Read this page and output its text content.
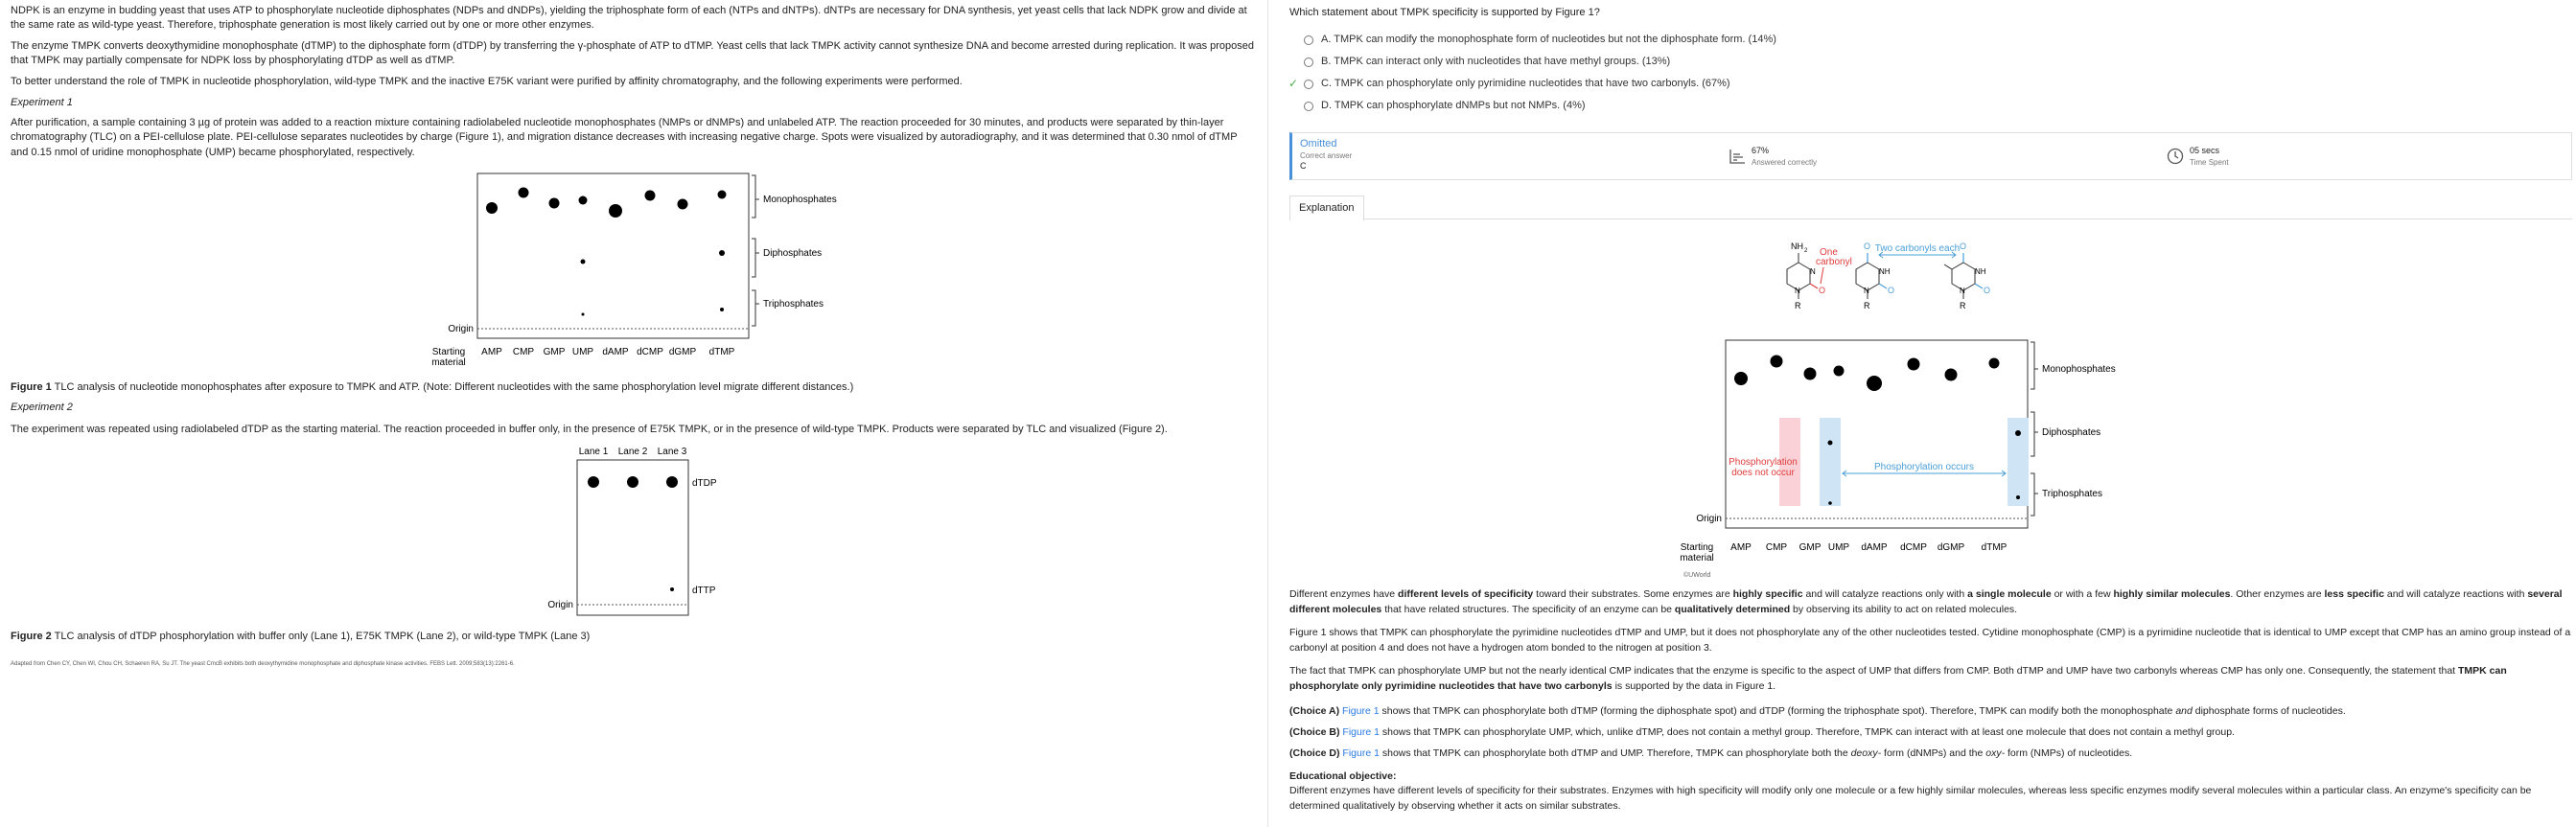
NDPK is an enzyme in budding yeast that uses ATP to phosphorylate nucleotide diphosphates (NDPs and dNDPs), yielding the triphosphate form of each (NTPs and dNTPs). dNTPs are necessary for DNA synthesis, yet yeast cells that lack NDPK grow and divide at the same rate as wild-type yeast. Therefore, triphosphate generation is most likely carried out by one or more other enzymes.

The enzyme TMPK converts deoxythymidine monophosphate (dTMP) to the diphosphate form (dTDP) by transferring the γ-phosphate of ATP to dTMP. Yeast cells that lack TMPK activity cannot synthesize DNA and become arrested during replication. It was proposed that TMPK may partially compensate for NDPK loss by phosphorylating dTDP as well as dTMP.

To better understand the role of TMPK in nucleotide phosphorylation, wild-type TMPK and the inactive E75K variant were purified by affinity chromatography, and the following experiments were performed.

Experiment 1

After purification, a sample containing 3 µg of protein was added to a reaction mixture containing radiolabeled nucleotide monophosphates (NMPs or dNMPs) and unlabeled ATP. The reaction proceeded for 30 minutes, and products were separated by thin-layer chromatography (TLC) on a PEI-cellulose plate. PEI-cellulose separates nucleotides by charge (Figure 1), and migration distance decreases with increasing negative charge. Spots were visualized by autoradiography, and it was determined that 0.30 nmol of dTMP and 0.15 nmol of uridine monophosphate (UMP) became phosphorylated, respectively.

Monophosphates
Diphosphates
Triphosphates
Origin
Starting
material
AMP CMP GMP UMP dAMP dCMP dGMP dTMP

Figure 1 TLC analysis of nucleotide monophosphates after exposure to TMPK and ATP. (Note: Different nucleotides with the same phosphorylation level migrate different distances.)

Experiment 2

The experiment was repeated using radiolabeled dTDP as the starting material. The reaction proceeded in buffer only, in the presence of E75K TMPK, or in the presence of wild-type TMPK. Products were separated by TLC and visualized (Figure 2).

Lane 1 Lane 2 Lane 3
dTDP
dTTP
Origin

Figure 2 TLC analysis of dTDP phosphorylation with buffer only (Lane 1), E75K TMPK (Lane 2), or wild-type TMPK (Lane 3)

Adapted from Chen CY, Chen WI, Chou CH, Schaeren RA, Su JT. The yeast CmcB exhibits both deoxythymidine monophosphate and diphosphate kinase activities. FEBS Lett. 2009;583(13):2261-6.

Which statement about TMPK specificity is supported by Figure 1?

A. TMPK can modify the monophosphate form of nucleotides but not the diphosphate form. (14%)
B. TMPK can interact only with nucleotides that have methyl groups. (13%)
✓ C. TMPK can phosphorylate only pyrimidine nucleotides that have two carbonyls. (67%)
D. TMPK can phosphorylate dNMPs but not NMPs. (4%)
Omitted
Correct answer
C
67%
Answered correctly
05 secs
Time Spent
Explanation
NH 2
N
N O
R
One
carbonyl
O
NH
N O
R
O
NH
N O
R
Two carbonyls each
Phosphorylation
does not occur
Phosphorylation occurs
Monophosphates
Diphosphates
Triphosphates
Origin
Starting
material
AMP CMP GMP UMP dAMP dCMP dGMP dTMP
©UWorld

Different enzymes have different levels of specificity toward their substrates. Some enzymes are highly specific and will catalyze reactions only with a single molecule or with a few highly similar molecules. Other enzymes are less specific and will catalyze reactions with several different molecules that have related structures. The specificity of an enzyme can be qualitatively determined by observing its ability to act on related molecules.

Figure 1 shows that TMPK can phosphorylate the pyrimidine nucleotides dTMP and UMP, but it does not phosphorylate any of the other nucleotides tested. Cytidine monophosphate (CMP) is a pyrimidine nucleotide that is identical to UMP except that CMP has an amino group instead of a carbonyl at position 4 and does not have a hydrogen atom bonded to the nitrogen at position 3.

The fact that TMPK can phosphorylate UMP but not the nearly identical CMP indicates that the enzyme is specific to the aspect of UMP that differs from CMP. Both dTMP and UMP have two carbonyls whereas CMP has only one. Consequently, the statement that TMPK can phosphorylate only pyrimidine nucleotides that have two carbonyls is supported by the data in Figure 1.

(Choice A) Figure 1 shows that TMPK can phosphorylate both dTMP (forming the diphosphate spot) and dTDP (forming the triphosphate spot). Therefore, TMPK can modify both the monophosphate and diphosphate forms of nucleotides.

(Choice B) Figure 1 shows that TMPK can phosphorylate UMP, which, unlike dTMP, does not contain a methyl group. Therefore, TMPK can interact with at least one molecule that does not contain a methyl group.

(Choice D) Figure 1 shows that TMPK can phosphorylate both dTMP and UMP. Therefore, TMPK can phosphorylate both the deoxy- form (dNMPs) and the oxy- form (NMPs) of nucleotides.

Educational objective:

Different enzymes have different levels of specificity for their substrates. Enzymes with high specificity will modify only one molecule or a few highly similar molecules, whereas less specific enzymes modify several molecules within a particular class. An enzyme's specificity can be determined qualitatively by observing whether it acts on similar substrates.
